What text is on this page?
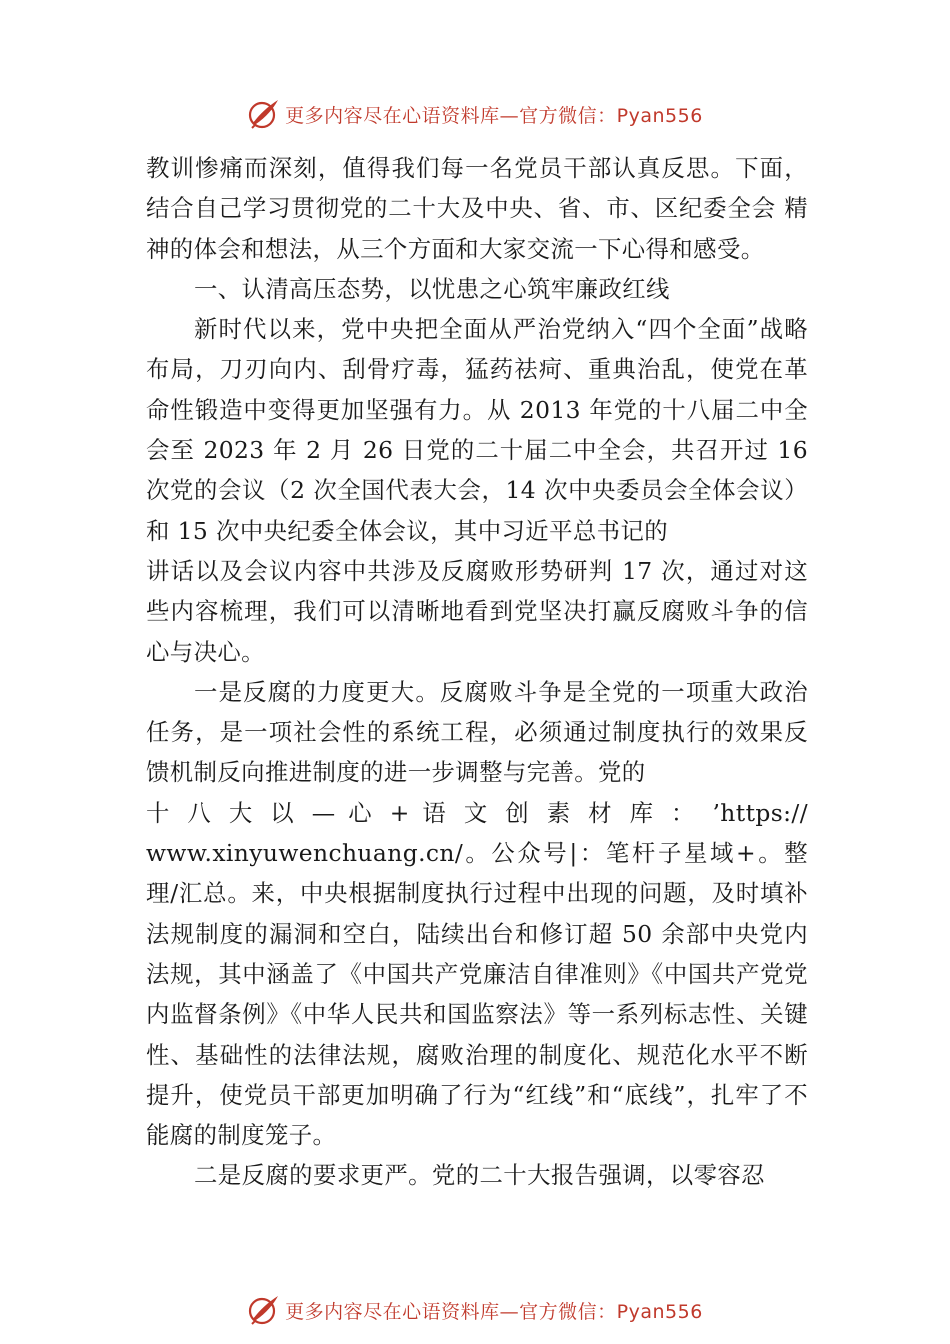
更多内容尽在心语资料库—官方微信：Pyan556

教训惨痛而深刻，值得我们每一名党员干部认真反思。下面，结合自己学习贯彻党的二十大及中央、省、市、区纪委全会 精神的体会和想法，从三个方面和大家交流一下心得和感受。

一、认清高压态势，以忧患之心筑牢廉政红线

新时代以来，党中央把全面从严治党纳入“四个全面”战略布局，刀刃向内、刮骨疗毒，猛药祛疴、重典治乱，使党在革命性锻造中变得更加坚强有力。从 2013 年党的十八届二中全会至 2023 年 2 月 26 日党的二十届二中全会，共召开过 16 次党的会议（2 次全国代表大会，14 次中央委员会全体会议）和 15 次中央纪委全体会议，其中习近平总书记的

讲话以及会议内容中共涉及反腐败形势研判 17 次，通过对这些内容梳理，我们可以清晰地看到党坚决打赢反腐败斗争的信心与决心。

一是反腐的力度更大。反腐败斗争是全党的一项重大政治任务，是一项社会性的系统工程，必须通过制度执行的效果反馈机制反向推进制度的进一步调整与完善。党的

十 八 大 以 — 心 + 语 文 创 素 材 库 ： ’https://

www.xinyuwenchuang.cn/。公众号|：笔杆子星域+。整理/汇总。来，中央根据制度执行过程中出现的问题，及时填补法规制度的漏洞和空白，陆续出台和修订超 50 余部中央党内法规，其中涵盖了《中国共产党廉洁自律准则》《中国共产党党内监督条例》《中华人民共和国监察法》等一系列标志性、关键性、基础性的法律法规，腐败治理的制度化、规范化水平不断提升，使党员干部更加明确了行为“红线”和“底线”，扎牢了不能腐的制度笼子。

二是反腐的要求更严。党的二十大报告强调，以零容忍

更多内容尽在心语资料库—官方微信：Pyan556
